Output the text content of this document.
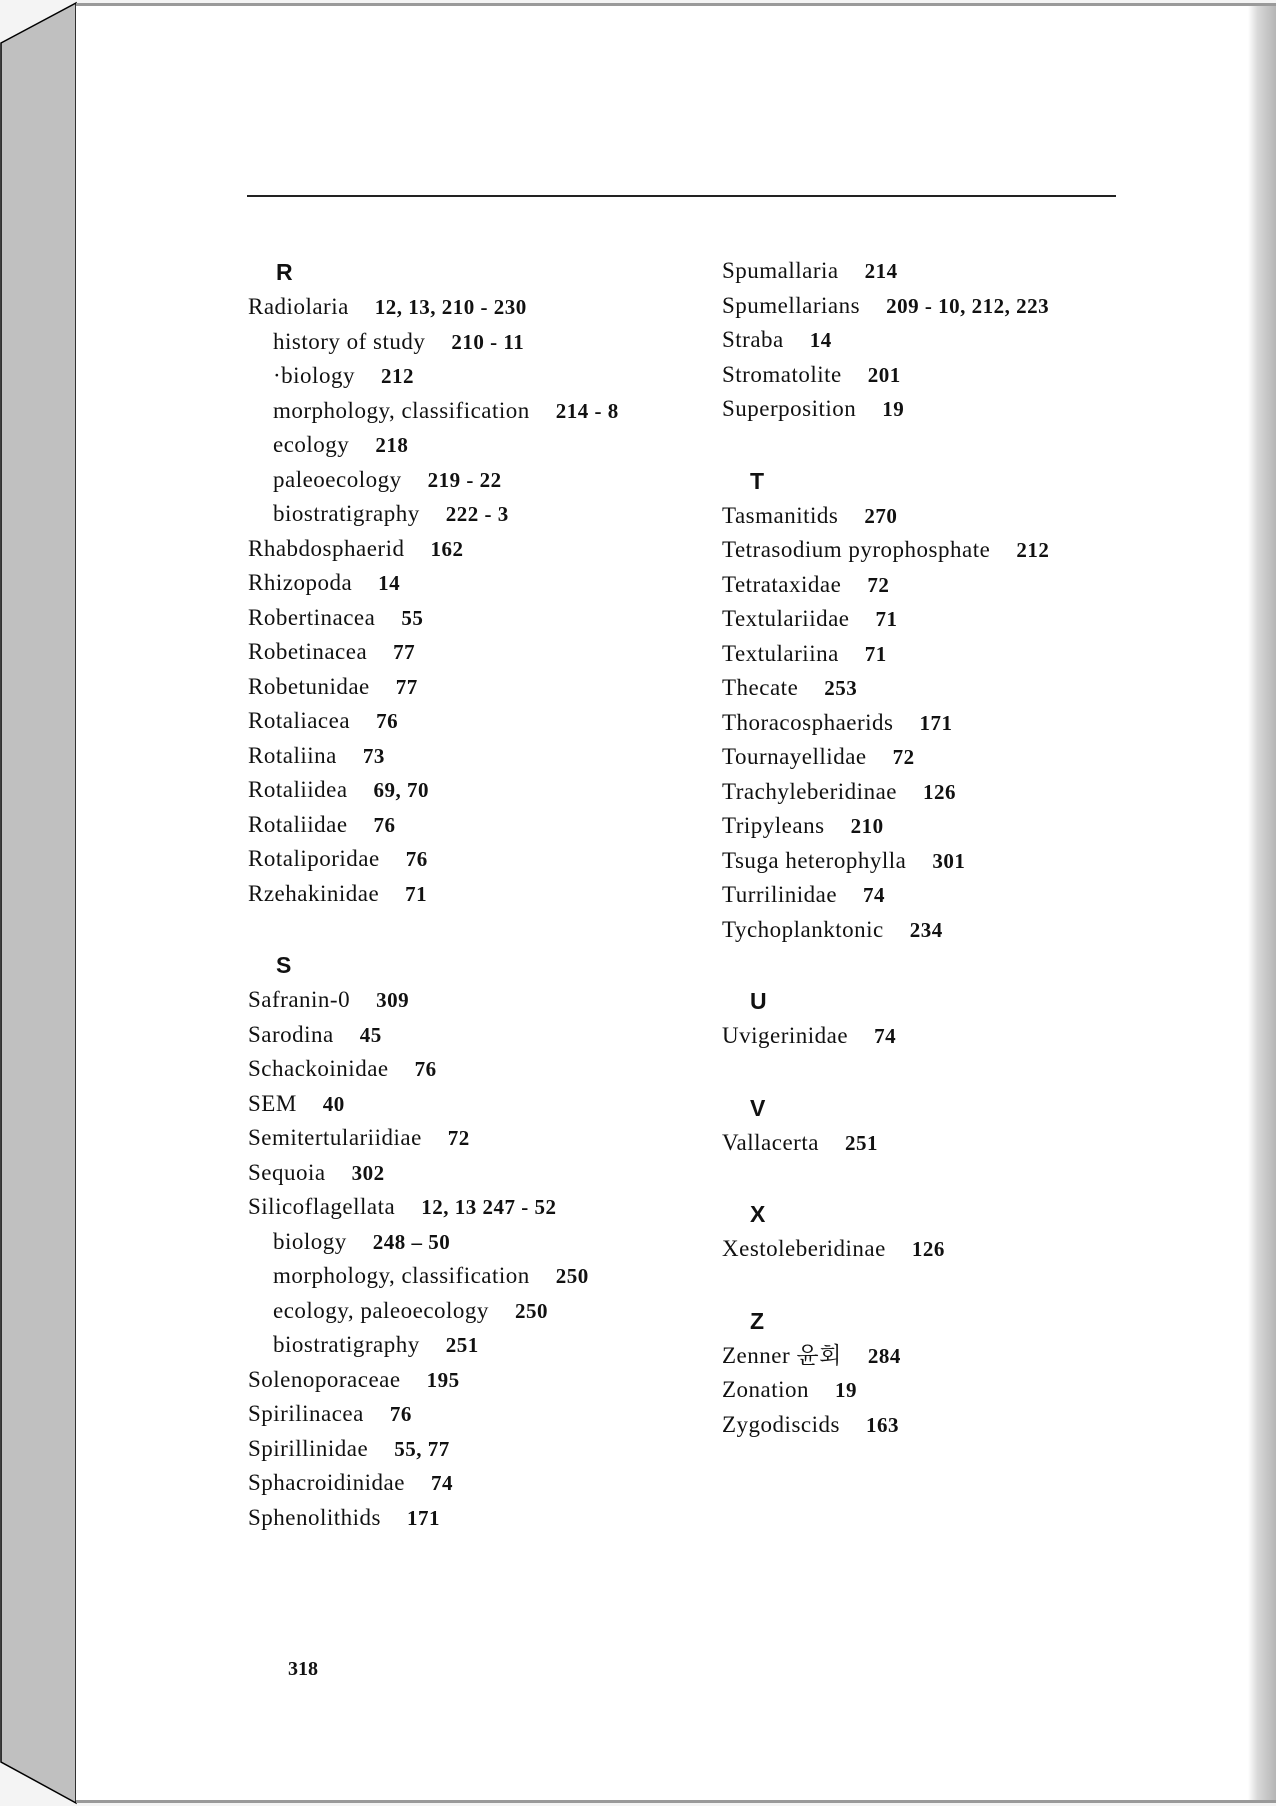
R
Radiolaria 12, 13, 210 - 230
history of study 210 - 11
·biology 212
morphology, classification 214 - 8
ecology 218
paleoecology 219 - 22
biostratigraphy 222 - 3
Rhabdosphaerid 162
Rhizopoda 14
Robertinacea 55
Robetinacea 77
Robetunidae 77
Rotaliacea 76
Rotaliina 73
Rotaliidea 69, 70
Rotaliidae 76
Rotaliporidae 76
Rzehakinidae 71
S
Safranin-0 309
Sarodina 45
Schackoinidae 76
SEM 40
Semitertulariidiae 72
Sequoia 302
Silicoflagellata 12, 13 247 - 52
biology 248 – 50
morphology, classification 250
ecology, paleoecology 250
biostratigraphy 251
Solenoporaceae 195
Spirilinacea 76
Spirillinidae 55, 77
Sphacroidinidae 74
Sphenolithids 171
Spumallaria 214
Spumellarians 209 - 10, 212, 223
Straba 14
Stromatolite 201
Superposition 19
T
Tasmanitids 270
Tetrasodium pyrophosphate 212
Tetrataxidae 72
Textulariidae 71
Textulariina 71
Thecate 253
Thoracosphaerids 171
Tournayellidae 72
Trachyleberidinae 126
Tripyleans 210
Tsuga heterophylla 301
Turrilinidae 74
Tychoplanktonic 234
U
Uvigerinidae 74
V
Vallacerta 251
X
Xestoleberidinae 126
Z
Zenner 윤회 284
Zonation 19
Zygodiscids 163
318
